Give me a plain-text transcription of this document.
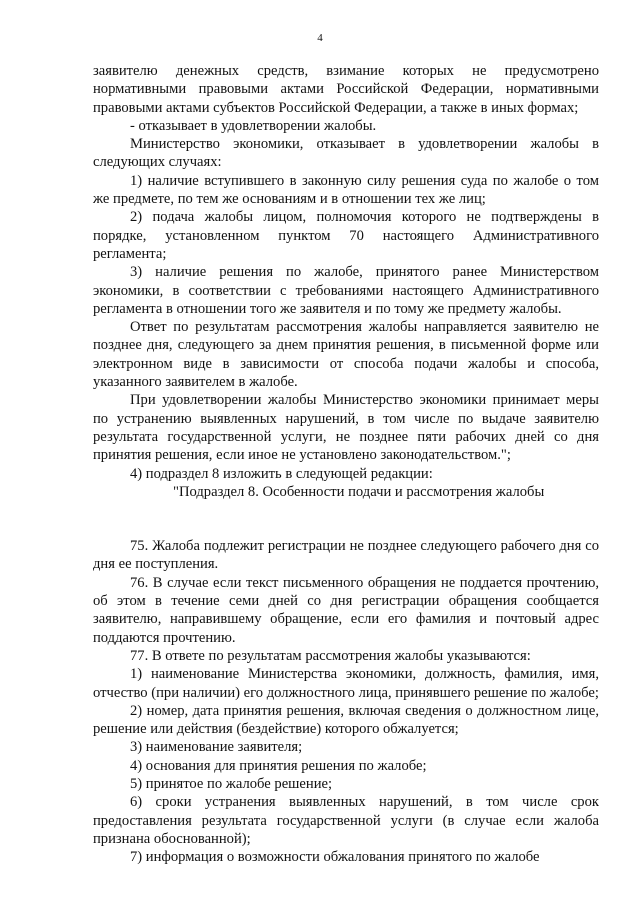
4

заявителю денежных средств, взимание которых не предусмотрено нормативными правовыми актами Российской Федерации, нормативными правовыми актами субъектов Российской Федерации, а также в иных формах;

- отказывает в удовлетворении жалобы.

Министерство экономики, отказывает в удовлетворении жалобы в следующих случаях:

1) наличие вступившего в законную силу решения суда по жалобе о том же предмете, по тем же основаниям и в отношении тех же лиц;

2) подача жалобы лицом, полномочия которого не подтверждены в порядке, установленном пунктом 70 настоящего Административного регламента;

3) наличие решения по жалобе, принятого ранее Министерством экономики, в соответствии с требованиями настоящего Административного регламента в отношении того же заявителя и по тому же предмету жалобы.

Ответ по результатам рассмотрения жалобы направляется заявителю не позднее дня, следующего за днем принятия решения, в письменной форме или электронном виде в зависимости от способа подачи жалобы и способа, указанного заявителем в жалобе.

При удовлетворении жалобы Министерство экономики принимает меры по устранению выявленных нарушений, в том числе по выдаче заявителю результата государственной услуги, не позднее пяти рабочих дней со дня принятия решения, если иное не установлено законодательством.";

4) подраздел 8 изложить в следующей редакции:

"Подраздел 8. Особенности подачи и рассмотрения жалобы

75. Жалоба подлежит регистрации не позднее следующего рабочего дня со дня ее поступления.

76. В случае если текст письменного обращения не поддается прочтению, об этом в течение семи дней со дня регистрации обращения сообщается заявителю, направившему обращение, если его фамилия и почтовый адрес поддаются прочтению.

77. В ответе по результатам рассмотрения жалобы указываются:

1) наименование Министерства экономики, должность, фамилия, имя, отчество (при наличии) его должностного лица, принявшего решение по жалобе;

2) номер, дата принятия решения, включая сведения о должностном лице, решение или действия (бездействие) которого обжалуется;

3) наименование заявителя;

4) основания для принятия решения по жалобе;

5) принятое по жалобе решение;

6) сроки устранения выявленных нарушений, в том числе срок предоставления результата государственной услуги (в случае если жалоба признана обоснованной);

7) информация о возможности обжалования принятого по жалобе
